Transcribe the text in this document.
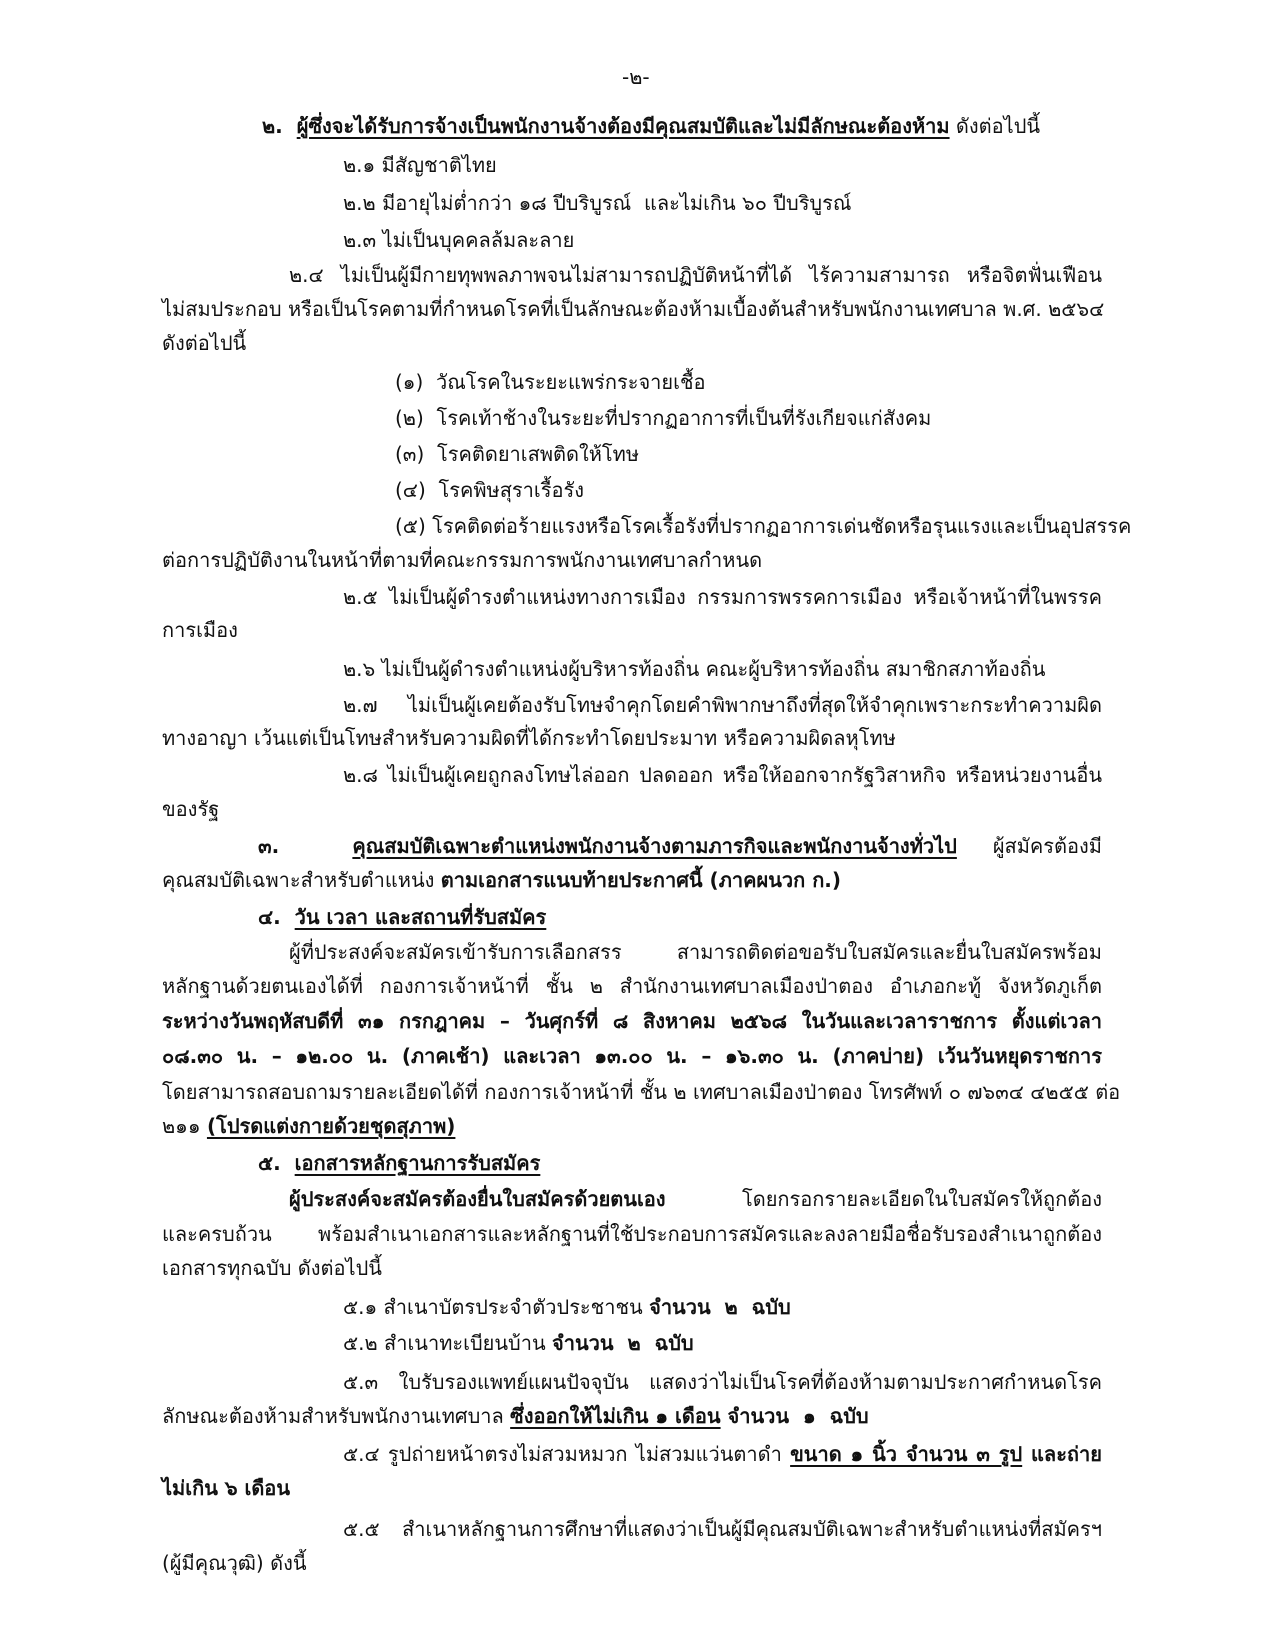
-๒-
๒.  ผู้ซึ่งจะได้รับการจ้างเป็นพนักงานจ้างต้องมีคุณสมบัติและไม่มีลักษณะต้องห้าม ดังต่อไปนี้
๒.๑ มีสัญชาติไทย
๒.๒ มีอายุไม่ต่ำกว่า ๑๘ ปีบริบูรณ์  และไม่เกิน ๖๐ ปีบริบูรณ์
๒.๓ ไม่เป็นบุคคลล้มละลาย
๒.๔ ไม่เป็นผู้มีกายทุพพลภาพจนไม่สามารถปฏิบัติหน้าที่ได้ ไร้ความสามารถ หรือจิตฟั่นเฟือน
ไม่สมประกอบ หรือเป็นโรคตามที่กำหนดโรคที่เป็นลักษณะต้องห้ามเบื้องต้นสำหรับพนักงานเทศบาล พ.ศ. ๒๕๖๔
ดังต่อไปนี้
(๑)  วัณโรคในระยะแพร่กระจายเชื้อ
(๒)  โรคเท้าช้างในระยะที่ปรากฏอาการที่เป็นที่รังเกียจแก่สังคม
(๓)  โรคติดยาเสพติดให้โทษ
(๔)  โรคพิษสุราเรื้อรัง
(๕) โรคติดต่อร้ายแรงหรือโรคเรื้อรังที่ปรากฏอาการเด่นชัดหรือรุนแรงและเป็นอุปสรรค
ต่อการปฏิบัติงานในหน้าที่ตามที่คณะกรรมการพนักงานเทศบาลกำหนด
๒.๕ ไม่เป็นผู้ดำรงตำแหน่งทางการเมือง กรรมการพรรคการเมือง หรือเจ้าหน้าที่ในพรรค
การเมือง
๒.๖ ไม่เป็นผู้ดำรงตำแหน่งผู้บริหารท้องถิ่น คณะผู้บริหารท้องถิ่น สมาชิกสภาท้องถิ่น
๒.๗ ไม่เป็นผู้เคยต้องรับโทษจำคุกโดยคำพิพากษาถึงที่สุดให้จำคุกเพราะกระทำความผิด
ทางอาญา เว้นแต่เป็นโทษสำหรับความผิดที่ได้กระทำโดยประมาท หรือความผิดลหุโทษ
๒.๘ ไม่เป็นผู้เคยถูกลงโทษไล่ออก ปลดออก หรือให้ออกจากรัฐวิสาหกิจ หรือหน่วยงานอื่น
ของรัฐ
๓.  คุณสมบัติเฉพาะตำแหน่งพนักงานจ้างตามภารกิจและพนักงานจ้างทั่วไป ผู้สมัครต้องมี
คุณสมบัติเฉพาะสำหรับตำแหน่ง ตามเอกสารแนบท้ายประกาศนี้ (ภาคผนวก ก.)
๔.  วัน เวลา และสถานที่รับสมัคร
ผู้ที่ประสงค์จะสมัครเข้ารับการเลือกสรร สามารถติดต่อขอรับใบสมัครและยื่นใบสมัครพร้อม
หลักฐานด้วยตนเองได้ที่ กองการเจ้าหน้าที่ ชั้น ๒ สำนักงานเทศบาลเมืองป่าตอง อำเภอกะทู้ จังหวัดภูเก็ต
ระหว่างวันพฤหัสบดีที่ ๓๑ กรกฎาคม – วันศุกร์ที่ ๘ สิงหาคม ๒๕๖๘ ในวันและเวลาราชการ ตั้งแต่เวลา
๐๘.๓๐ น. – ๑๒.๐๐ น. (ภาคเช้า) และเวลา ๑๓.๐๐ น. – ๑๖.๓๐ น. (ภาคบ่าย) เว้นวันหยุดราชการ
โดยสามารถสอบถามรายละเอียดได้ที่ กองการเจ้าหน้าที่ ชั้น ๒ เทศบาลเมืองป่าตอง โทรศัพท์ ๐ ๗๖๓๔ ๔๒๕๕ ต่อ
๒๑๑ (โปรดแต่งกายด้วยชุดสุภาพ)
๕.  เอกสารหลักฐานการรับสมัคร
ผู้ประสงค์จะสมัครต้องยื่นใบสมัครด้วยตนเอง โดยกรอกรายละเอียดในใบสมัครให้ถูกต้อง
และครบถ้วน พร้อมสำเนาเอกสารและหลักฐานที่ใช้ประกอบการสมัครและลงลายมือชื่อรับรองสำเนาถูกต้อง
เอกสารทุกฉบับ ดังต่อไปนี้
๕.๑ สำเนาบัตรประจำตัวประชาชน จำนวน  ๒  ฉบับ
๕.๒ สำเนาทะเบียนบ้าน จำนวน  ๒  ฉบับ
๕.๓ ใบรับรองแพทย์แผนปัจจุบัน แสดงว่าไม่เป็นโรคที่ต้องห้ามตามประกาศกำหนดโรค
ลักษณะต้องห้ามสำหรับพนักงานเทศบาล ซึ่งออกให้ไม่เกิน ๑ เดือน จำนวน  ๑  ฉบับ
๕.๔ รูปถ่ายหน้าตรงไม่สวมหมวก ไม่สวมแว่นตาดำ ขนาด ๑ นิ้ว จำนวน ๓ รูป และถ่าย
ไม่เกิน ๖ เดือน
๕.๕ สำเนาหลักฐานการศึกษาที่แสดงว่าเป็นผู้มีคุณสมบัติเฉพาะสำหรับตำแหน่งที่สมัครฯ
(ผู้มีคุณวุฒิ) ดังนี้
